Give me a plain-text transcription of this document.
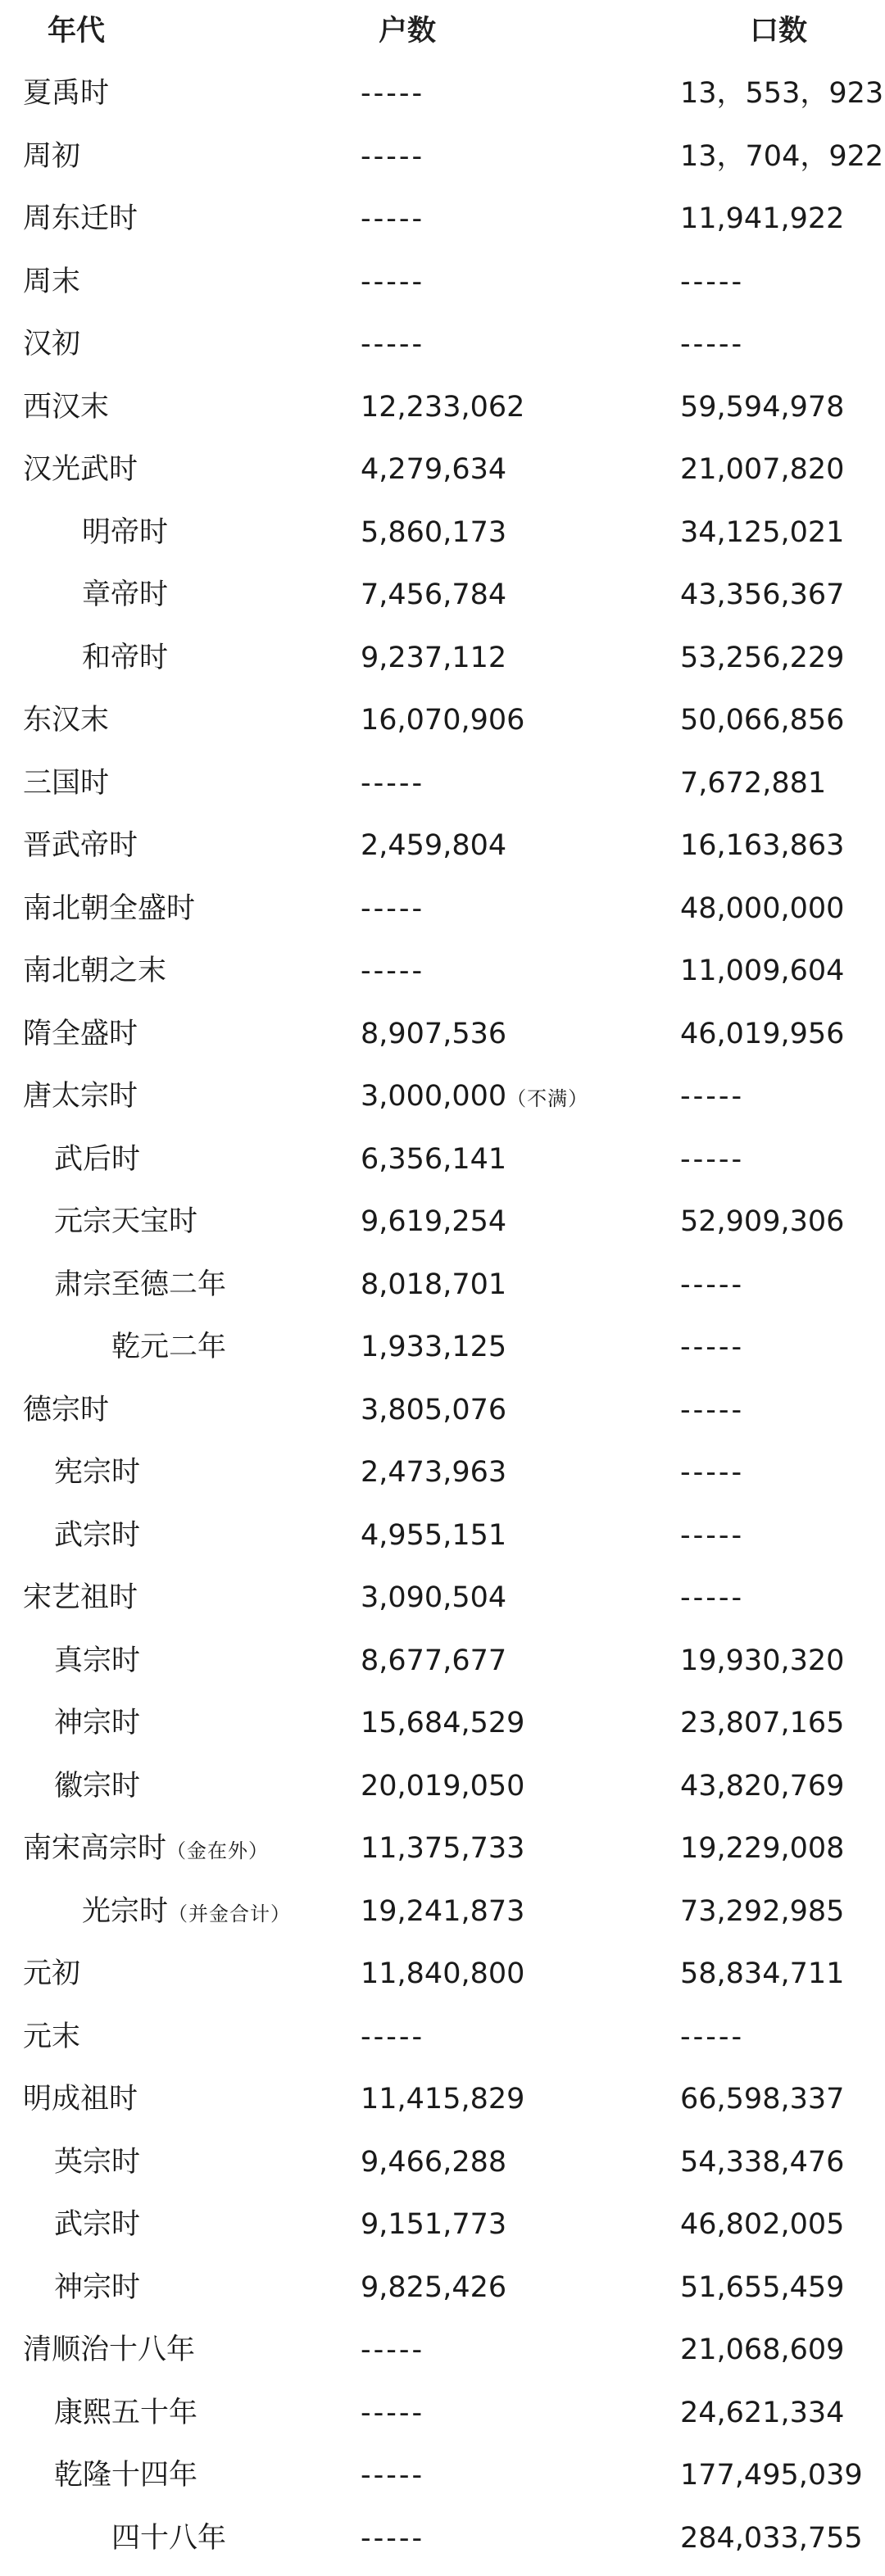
年代	户数	口数
夏禹时	-----	13，553，923
周初	-----	13，704，922
周东迁时	-----	11,941,922
周末	-----	-----
汉初	-----	-----
西汉末	12,233,062	59,594,978
汉光武时	4,279,634	21,007,820
明帝时	5,860,173	34,125,021
章帝时	7,456,784	43,356,367
和帝时	9,237,112	53,256,229
东汉末	16,070,906	50,066,856
三国时	-----	7,672,881
晋武帝时	2,459,804	16,163,863
南北朝全盛时	-----	48,000,000
南北朝之末	-----	11,009,604
隋全盛时	8,907,536	46,019,956
唐太宗时	3,000,000（不满）	-----
武后时	6,356,141	-----
元宗天宝时	9,619,254	52,909,306
肃宗至德二年	8,018,701	-----
乾元二年	1,933,125	-----
德宗时	3,805,076	-----
宪宗时	2,473,963	-----
武宗时	4,955,151	-----
宋艺祖时	3,090,504	-----
真宗时	8,677,677	19,930,320
神宗时	15,684,529	23,807,165
徽宗时	20,019,050	43,820,769
南宋高宗时（金在外）	11,375,733	19,229,008
光宗时（并金合计） 19,241,873	73,292,985
元初	11,840,800	58,834,711
元末	-----	-----
明成祖时	11,415,829	66,598,337
英宗时	9,466,288	54,338,476
武宗时	9,151,773	46,802,005
神宗时	9,825,426	51,655,459
清顺治十八年	-----	21,068,609
康熙五十年	-----	24,621,334
乾隆十四年	-----	177,495,039
四十八年	-----	284,033,755
